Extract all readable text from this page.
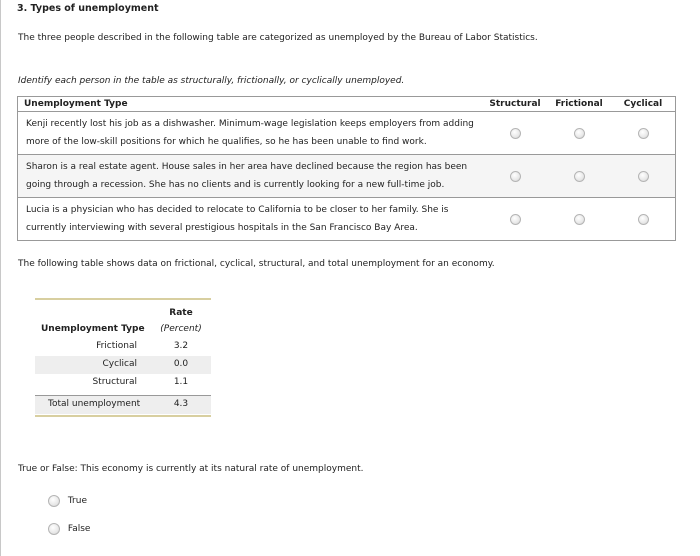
3. Types of unemployment
The three people described in the following table are categorized as unemployed by the Bureau of Labor Statistics.
Identify each person in the table as structurally, frictionally, or cyclically unemployed.
Unemployment Type	Structural	Frictional	Cyclical
Kenji recently lost his job as a dishwasher. Minimum-wage legislation keeps employers from adding more of the low-skill positions for which he qualifies, so he has been unable to find work.			
Sharon is a real estate agent. House sales in her area have declined because the region has been going through a recession. She has no clients and is currently looking for a new full-time job.			
Lucia is a physician who has decided to relocate to California to be closer to her family. She is currently interviewing with several prestigious hospitals in the San Francisco Bay Area.			
The following table shows data on frictional, cyclical, structural, and total unemployment for an economy.
Rate
Unemployment Type	(Percent)
Frictional	3.2
Cyclical	0.0
Structural	1.1
Total unemployment	4.3
True or False: This economy is currently at its natural rate of unemployment.
True
False
